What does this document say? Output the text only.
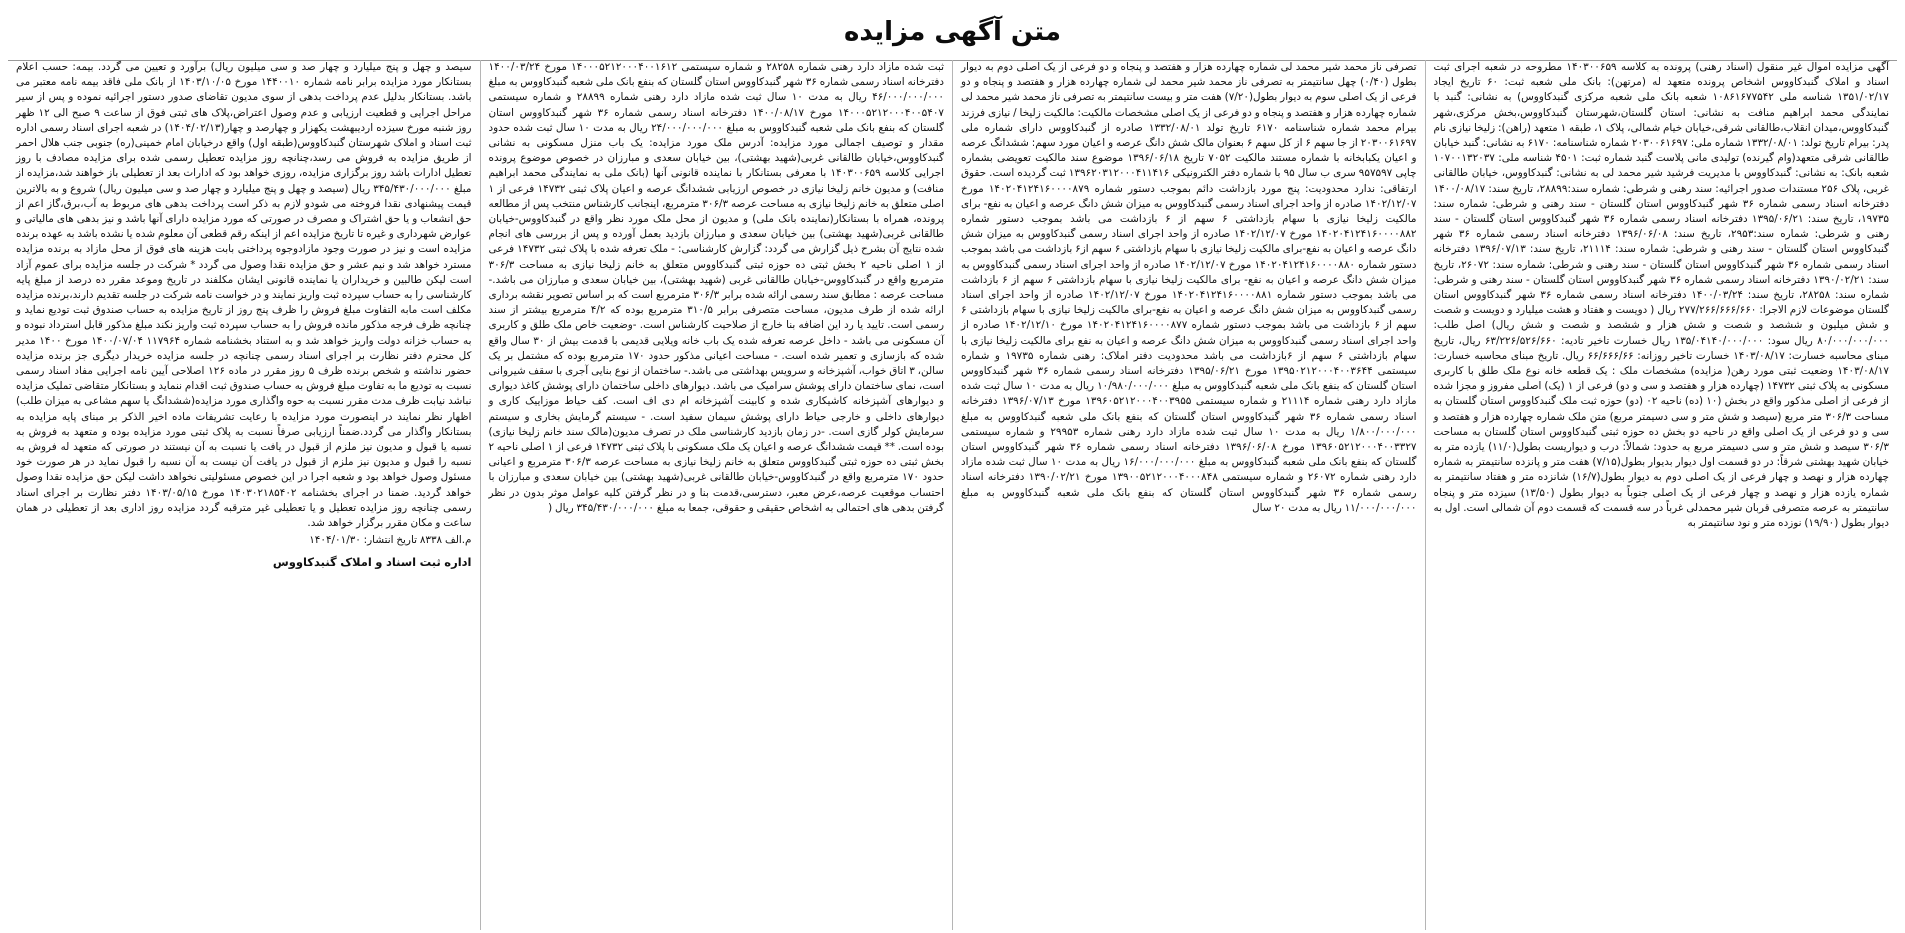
متن آگهی مزایده

آگهی مزایده اموال غیر منقول (اسناد رهنی) پرونده به کلاسه ۱۴۰۳۰۰۶۵۹ مطروحه در شعبه اجرای ثبت اسناد و املاک گنبدکاووس اشخاص پرونده متعهد له (مرتهن): بانک ملی شعبه ثبت: ۶۰ تاریخ ایجاد ۱۳۵۱/۰۲/۱۷ شناسه ملی ۱۰۸۶۱۶۷۷۵۴۲ شعبه بانک ملی شعبه مرکزی گنبدکاووس) به نشانی: گنبد با نمایندگی محمد ابراهیم منافت به نشانی: استان گلستان،شهرستان گنبدکاووس،بخش مرکزی،شهر گنبدکاووس،میدان انقلاب،طالقانی شرقی،خیابان خیام شمالی، پلاک ۱، طبقه ۱ متعهد (راهن): زلیخا نیازی نام پدر: بیرام تاریخ تولد: ۱۳۳۲/۰۸/۰۱ شماره ملی: ۲۰۳۰۰۶۱۶۹۷ شماره شناسنامه: ۶۱۷۰ به نشانی: گنبد خیابان طالقانی شرقی متعهد(وام گیرنده) تولیدی مانی پلاست گنبد شماره ثبت: ۴۵۰۱ شناسه ملی: ۱۰۷۰۰۱۳۲۰۳۷ شعبه بانک: به نشانی: گنبدکاووس با مدیریت فرشید شیر محمد لی به نشانی: گنبدکاووس، خیابان طالقانی غربی، پلاک ۲۵۶ مستندات صدور اجرائیه: سند رهنی و شرطی: شماره سند:۲۸۸۹۹، تاریخ سند: ۱۴۰۰/۰۸/۱۷ دفترخانه اسناد رسمی شماره ۳۶ شهر گنبدکاووس استان گلستان - سند رهنی و شرطی: شماره سند: ۱۹۷۳۵، تاریخ سند: ۱۳۹۵/۰۶/۲۱ دفترخانه اسناد رسمی شماره ۳۶ شهر گنبدکاووس استان گلستان - سند رهنی و شرطی: شماره سند:۲۹۵۳، تاریخ سند: ۱۳۹۶/۰۶/۰۸ دفترخانه اسناد رسمی شماره ۳۶ شهر گنبدکاووس استان گلستان - سند رهنی و شرطی: شماره سند: ۲۱۱۱۴، تاریخ سند: ۱۳۹۶/۰۷/۱۳ دفترخانه اسناد رسمی شماره ۳۶ شهر گنبدکاووس استان گلستان - سند رهنی و شرطی: شماره سند: ۲۶۰۷۲، تاریخ سند: ۱۳۹۰/۰۲/۲۱ دفترخانه اسناد رسمی شماره ۳۶ شهر گنبدکاووس استان گلستان - سند رهنی و شرطی: شماره سند: ۲۸۲۵۸، تاریخ سند: ۱۴۰۰/۰۳/۲۴ دفترخانه اسناد رسمی شماره ۳۶ شهر گنبدکاووس استان گلستان موضوعات لازم الاجرا: ۲۷۷/۲۶۶/۶۶۶/۶۶۰ ریال ( دویست و هفتاد و هشت میلیارد و دویست و شصت و شش میلیون و ششصد و شصت و شش هزار و ششصد و شصت و شش ریال) اصل طلب: ۸۰/۰۰۰/۰۰۰/۰۰۰ ریال سود: ۱۳۵/۰۴۱۴۰/۰۰۰/۰۰۰ ریال خسارت تاخیر تادیه: ۶۳/۲۲۶/۵۲۶/۶۶۰ ریال، تاریخ مبنای محاسبه خسارت: ۱۴۰۳/۰۸/۱۷ خسارت تاخیر روزانه: ۶۶/۶۶۶/۶۶ ریال. تاریخ مبنای محاسبه خسارت: ۱۴۰۳/۰۸/۱۷ وضعیت ثبتی مورد رهن( مزایده) مشخصات ملک : یک قطعه خانه نوع ملک طلق با کاربری مسکونی به پلاک ثبتی ۱۴۷۳۲ (چهارده هزار و هفتصد و سی و دو) فرعی از ۱ (یک) اصلی مفروز و مجزا شده از فرعی از اصلی مذکور واقع در بخش (۱۰ (ده) ناحیه ۰۲ (دو) حوزه ثبت ملک گنبدکاووس استان گلستان به مساحت ۳۰۶/۳ متر مربع (سیصد و شش متر و سی دسیمتر مربع) متن ملک شماره چهارده هزار و هفتصد و سی و دو فرعی از یک اصلی واقع در ناحیه دو بخش ده حوزه ثبتی گنبدکاووس استان گلستان به مساحت ۳۰۶/۳ سیصد و شش متر و سی دسیمتر مربع به حدود: شمالاً: درب و دیواریست بطول(۱۱/۰) یازده متر به خیابان شهید بهشتی شرقاً: در دو قسمت اول دیوار بدیوار بطول(۷/۱۵) هفت متر و پانزده سانتیمتر به شماره چهارده هزار و نهصد و چهار فرعی از یک اصلی دوم به دیوار بطول(۱۶/۷) شانزده متر و هفتاد سانتیمتر به شماره یازده هزار و نهصد و چهار فرعی از یک اصلی جنوباً به دیوار بطول (۱۳/۵۰) سیزده متر و پنجاه سانتیمتر به عرصه متصرفی قربان شیر محمدلی غرباً در سه قسمت که قسمت دوم آن شمالی است. اول به دیوار بطول (۱۹/۹۰) نوزده متر و نود سانتیمتر به

تصرفی ناز محمد شیر محمد لی شماره چهارده هزار و هفتصد و پنجاه و دو فرعی از یک اصلی دوم به دیوار بطول (۰/۴۰) چهل سانتیمتر به تصرفی ناز محمد شیر محمد لی شماره چهارده هزار و هفتصد و پنجاه و دو فرعی از یک اصلی سوم به دیوار بطول(۷/۲۰) هفت متر و بیست سانتیمتر به تصرفی ناز محمد شیر محمد لی شماره چهارده هزار و هفتصد و پنجاه و دو فرعی از یک اصلی مشخصات مالکیت: مالکیت زلیخا / نیازی فرزند بیرام محمد شماره شناسنامه ۶۱۷۰ تاریخ تولد ۱۳۳۲/۰۸/۰۱ صادره از گنبدکاووس دارای شماره ملی ۲۰۳۰۰۶۱۶۹۷ از جا سهم ۶ از کل سهم ۶ بعنوان مالک شش دانگ عرصه و اعیان مورد سهم: ششدانگ عرصه و اعیان یکبابخانه با شماره مستند مالکیت ۷۰۵۲ تاریخ ۱۳۹۶/۰۶/۱۸ موضوع سند مالکیت تعویضی بشماره چاپی ۹۵۷۵۹۷ سری ب سال ۹۵ با شماره دفتر الکترونیکی ۱۳۹۶۲۰۳۱۲۰۰۰۴۱۱۴۱۶ ثبت گردیده است. حقوق ارتفاقی: ندارد محدودیت: پنج مورد بازداشت دائم بموجب دستور شماره ۱۴۰۲۰۴۱۲۴۱۶۰۰۰۰۸۷۹ مورخ ۱۴۰۲/۱۲/۰۷ صادره از واحد اجرای اسناد رسمی گنبدکاووس به میزان شش دانگ عرصه و اعیان به نفع- برای مالکیت زلیخا نیازی با سهام بازداشتی ۶ سهم از ۶ بازداشت می باشد بموجب دستور شماره ۱۴۰۲۰۴۱۲۴۱۶۰۰۰۰۸۸۲ مورخ ۱۴۰۲/۱۲/۰۷ صادره از واحد اجرای اسناد رسمی گنبدکاووس به میزان شش دانگ عرصه و اعیان به نفع-برای مالکیت زلیخا نیازی با سهام بازداشتی ۶ سهم از۶ بازداشت می باشد بموجب دستور شماره ۱۴۰۲۰۴۱۲۴۱۶۰۰۰۰۸۸۰ مورخ ۱۴۰۲/۱۲/۰۷ صادره از واحد اجرای اسناد رسمی گنبدکاووس به میزان شش دانگ عرصه و اعیان به نفع- برای مالکیت زلیخا نیازی با سهام بازداشتی ۶ سهم از ۶ بازداشت می باشد بموجب دستور شماره ۱۴۰۲۰۴۱۲۴۱۶۰۰۰۰۸۸۱ مورخ ۱۴۰۲/۱۲/۰۷ صادره از واحد اجرای اسناد رسمی گنبدکاووس به میزان شش دانگ عرصه و اعیان به نفع-برای مالکیت زلیخا نیازی با سهام بازداشتی ۶ سهم از ۶ بازداشت می باشد بموجب دستور شماره ۱۴۰۲۰۴۱۲۴۱۶۰۰۰۰۸۷۷ مورخ ۱۴۰۲/۱۲/۱۰ صادره از واحد اجرای اسناد رسمی گنبدکاووس به میزان شش دانگ عرصه و اعیان به نفع برای مالکیت زلیخا نیازی با سهام بازداشتی ۶ سهم از ۶بازداشت می باشد محدودیت دفتر املاک: رهنی شماره ۱۹۷۳۵ و شماره سیستمی ۱۳۹۵۰۲۱۲۰۰۰۴۰۰۳۶۴۴ مورخ ۱۳۹۵/۰۶/۲۱ دفترخانه اسناد رسمی شماره ۳۶ شهر گنبدکاووس استان گلستان که بنفع بانک ملی شعبه گنبدکاووس به مبلغ ۱۰/۹۸۰/۰۰۰/۰۰۰ ریال به مدت ۱۰ سال ثبت شده مازاد دارد رهنی شماره ۲۱۱۱۴ و شماره سیستمی ۱۳۹۶۰۵۲۱۲۰۰۰۴۰۰۳۹۵۵ مورخ ۱۳۹۶/۰۷/۱۳ دفترخانه اسناد رسمی شماره ۳۶ شهر گنبدکاووس استان گلستان که بنفع بانک ملی شعبه گنبدکاووس به مبلغ ۱/۸۰۰/۰۰۰/۰۰۰ ریال به مدت ۱۰ سال ثبت شده مازاد دارد رهنی شماره ۲۹۹۵۳ و شماره سیستمی ۱۳۹۶۰۵۲۱۲۰۰۰۴۰۰۳۳۲۷ مورخ ۱۳۹۶/۰۶/۰۸ دفترخانه اسناد رسمی شماره ۳۶ شهر گنبدکاووس استان گلستان که بنفع بانک ملی شعبه گنبدکاووس به مبلغ ۱۶/۰۰۰/۰۰۰/۰۰۰ ریال به مدت ۱۰ سال ثبت شده مازاد دارد رهنی شماره ۲۶۰۷۲ و شماره سیستمی ۱۳۹۰۰۵۲۱۲۰۰۰۴۰۰۰۸۴۸ مورخ ۱۳۹۰/۰۲/۲۱ دفترخانه اسناد رسمی شماره ۳۶ شهر گنبدکاووس استان گلستان که بنفع بانک ملی شعبه گنبدکاووس به مبلغ ۱۱/۰۰۰/۰۰۰/۰۰۰ ریال به مدت ۲۰ سال

ثبت شده مازاد دارد رهنی شماره ۲۸۲۵۸ و شماره سیستمی ۱۴۰۰۰۵۲۱۲۰۰۰۴۰۰۱۶۱۲ مورخ ۱۴۰۰/۰۳/۲۴ دفترخانه اسناد رسمی شماره ۳۶ شهر گنبدکاووس استان گلستان که بنفع بانک ملی شعبه گنبدکاووس به مبلغ ۴۶/۰۰۰/۰۰۰/۰۰۰ ریال به مدت ۱۰ سال ثبت شده مازاد دارد رهنی شماره ۲۸۸۹۹ و شماره سیستمی ۱۴۰۰۰۵۲۱۲۰۰۰۴۰۰۵۴۰۷ مورخ ۱۴۰۰/۰۸/۱۷ دفترخانه اسناد رسمی شماره ۳۶ شهر گنبدکاووس استان گلستان که بنفع بانک ملی شعبه گنبدکاووس به مبلغ ۲۴/۰۰۰/۰۰۰/۰۰۰ ریال به مدت ۱۰ سال ثبت شده حدود مقدار و توصیف اجمالی مورد مزایده: آدرس ملک مورد مزایده: یک باب منزل مسکونی به نشانی گنبدکاووس،خیابان طالقانی غربی(شهید بهشتی)، بین خیابان سعدی و مبارزان در خصوص موضوع پرونده اجرایی کلاسه ۱۴۰۳۰۰۶۵۹ با معرفی بستانکار با نماینده قانونی آنها (بانک ملی به نمایندگی محمد ابراهیم منافت) و مدیون خانم زلیخا نیازی در خصوص ارزیابی ششدانگ عرصه و اعیان پلاک ثبتی ۱۴۷۳۲ فرعی از ۱ اصلی متعلق به خانم زلیخا نیازی به مساحت عرصه ۳۰۶/۳ مترمربع، اینجانب کارشناس منتخب پس از مطالعه پرونده، همراه با بستانکار(نماینده بانک ملی) و مدیون از محل ملک مورد نظر واقع در گنبدکاووس-خیابان طالقانی غربی(شهید بهشتی) بین خیابان سعدی و مبارزان بازدید بعمل آورده و پس از بررسی های انجام شده نتایج آن بشرح ذیل گزارش می گردد: گزارش کارشناسی: - ملک تعرفه شده با پلاک ثبتی ۱۴۷۳۲ فرعی از ۱ اصلی ناحیه ۲ بخش ثبتی ده حوزه ثبتی گنبدکاووس متعلق به خانم زلیخا نیازی به مساحت ۳۰۶/۳ مترمربع واقع در گنبدکاووس-خیابان طالقانی غربی (شهید بهشتی)، بین خیابان سعدی و مبارزان می باشد.- مساحت عرصه : مطابق سند رسمی ارائه شده برابر ۳۰۶/۳ مترمربع است که بر اساس تصویر نقشه برداری ارائه شده از طرف مدیون، مساحت متصرفی برابر ۳۱۰/۵ مترمربع بوده که ۴/۲ مترمربع بیشتر از سند رسمی است. تایید یا رد این اضافه بنا خارج از صلاحیت کارشناس است. -وضعیت خاص ملک طلق و کاربری آن مسکونی می باشد - داخل عرصه تعرفه شده یک باب خانه ویلایی قدیمی با قدمت بیش از ۳۰ سال واقع شده که بازسازی و تعمیر شده است. - مساحت اعیانی مذکور حدود ۱۷۰ مترمربع بوده که مشتمل بر یک سالن، ۳ اتاق خواب، آشپزخانه و سرویس بهداشتی می باشد.- ساختمان از نوع بنایی آجری با سقف شیروانی است، نمای ساختمان دارای پوشش سرامیک می باشد. دیوارهای داخلی ساختمان دارای پوشش کاغذ دیواری و دیوارهای آشپزخانه کاشیکاری شده و کابینت آشپزخانه ام دی اف است. کف حیاط موزاییک کاری و دیوارهای داخلی و خارجی حیاط دارای پوشش سیمان سفید است. - سیستم گرمایش بخاری و سیستم سرمایش کولر گازی است. -در زمان بازدید کارشناسی ملک در تصرف مدیون(مالک سند خانم زلیخا نیازی) بوده است. ** قیمت ششدانگ عرصه و اعیان یک ملک مسکونی با پلاک ثبتی ۱۴۷۳۲ فرعی از ۱ اصلی ناحیه ۲ بخش ثبتی ده حوزه ثبتی گنبدکاووس متعلق به خانم زلیخا نیازی به مساحت عرصه ۳۰۶/۳ مترمربع و اعیانی حدود ۱۷۰ مترمربع واقع در گنبدکاووس-خیابان طالقانی غربی(شهید بهشتی) بین خیابان سعدی و مبارزان با احتساب موقعیت عرصه،عرض معبر، دسترسی،قدمت بنا و در نظر گرفتن کلیه عوامل موثر بدون در نظر گرفتن بدهی های احتمالی به اشخاص حقیقی و حقوقی، جمعا به مبلغ ۳۴۵/۴۳۰/۰۰۰/۰۰۰ ریال (

سیصد و چهل و پنج میلیارد و چهار صد و سی میلیون ریال) برآورد و تعیین می گردد. بیمه: حسب اعلام بستانکار مورد مزایده برابر نامه شماره ۱۴۴۰۰۱۰ مورخ ۱۴۰۳/۱۰/۰۵ از بانک ملی فاقد بیمه نامه معتبر می باشد. بستانکار بدلیل عدم پرداخت بدهی از سوی مدیون تقاضای صدور دستور اجرائیه نموده و پس از سیر مراحل اجرایی و قطعیت ارزیابی و عدم وصول اعتراض،پلاک های ثبتی فوق از ساعت ۹ صبح الی ۱۲ ظهر روز شنبه مورخ سیزده اردیبهشت یکهزار و چهارصد و چهار(۱۴۰۴/۰۲/۱۳) در شعبه اجرای اسناد رسمی اداره ثبت اسناد و املاک شهرستان گنبدکاووس(طبقه اول) واقع درخیابان امام خمینی(ره) جنوبی جنب هلال احمر از طریق مزایده به فروش می رسد،چنانچه روز مزایده تعطیل رسمی شده برای مزایده مصادف با روز تعطیل ادارات باشد روز برگزاری مزایده، روزی خواهد بود که ادارات بعد از تعطیلی باز خواهند شد،مزایده از مبلغ ۳۴۵/۴۳۰/۰۰۰/۰۰۰ ریال (سیصد و چهل و پنج میلیارد و چهار صد و سی میلیون ریال) شروع و به بالاترین قیمت پیشنهادی نقدا فروخته می شودو لازم به ذکر است پرداخت بدهی های مربوط به آب،برق،گاز اعم از حق انشعاب و یا حق اشتراک و مصرف در صورتی که مورد مزایده دارای آنها باشد و نیز بدهی های مالیاتی و عوارض شهرداری و غیره تا تاریخ مزایده اعم از اینکه رقم قطعی آن معلوم شده یا نشده باشد به عهده برنده مزایده است و نیز در صورت وجود مازادوجوه پرداختی بابت هزینه های فوق از محل مازاد به برنده مزایده مسترد خواهد شد و نیم عشر و حق مزایده نقدا وصول می گردد * شرکت در جلسه مزایده برای عموم آزاد است لیکن طالبین و خریداران یا نماینده قانونی ایشان مکلفند در تاریخ وموعد مقرر ده درصد از مبلغ پایه کارشناسی را به حساب سپرده ثبت واریز نمایند و در خواست نامه شرکت در جلسه تقدیم دارند،برنده مزایده مکلف است مابه التفاوت مبلغ فروش را ظرف پنج روز از تاریخ مزایده به حساب صندوق ثبت تودیع نماید و چنانچه ظرف فرجه مذکور مانده فروش را به حساب سپرده ثبت واریز نکند مبلغ مذکور قابل استرداد نبوده و به حساب خزانه دولت واریز خواهد شد و به استناد بخشنامه شماره ۱۱۷۹۶۴ ۱۴۰۰/۰۷/۰۴ مورخ ۱۴۰۰ مدیر کل محترم دفتر نظارت بر اجرای اسناد رسمی چنانچه در جلسه مزایده خریدار دیگری جز برنده مزایده حضور نداشته و شخص برنده ظرف ۵ روز مقرر در ماده ۱۲۶ اصلاحی آیین نامه اجرایی مفاد اسناد رسمی نسبت به تودیع ما به تفاوت مبلغ فروش به حساب صندوق ثبت اقدام ننماید و بستانکار متقاضی تملیک مزایده نباشد نیابت ظرف مدت مقرر نسبت به حوه واگذاری مورد مزایده(ششدانگ یا سهم مشاعی به میزان طلب) اظهار نظر نمایند در اینصورت مورد مزایده با رعایت تشریفات ماده اخیر الذکر بر مبنای پایه مزایده به بستانکار واگذار می گردد.ضمناً ارزیابی صرفاً نسبت به پلاک ثبتی مورد مزایده بوده و متعهد به فروش به نسبه یا قبول و مدیون نیز ملزم از قبول در یافت یا نسبت به آن نیستند در صورتی که متعهد له فروش به نسبه را قبول و مدیون نیز ملزم از قبول در یافت آن نیست به آن نسبه را قبول نماید در هر صورت خود مسئول وصول خواهد بود و شعبه اجرا در این خصوص مسئولیتی نخواهد داشت لیکن حق مزایده نقدا وصول خواهد گردید. ضمنا در اجرای بخشنامه ۱۴۰۳۰۲۱۸۵۴۰۲ مورخ ۱۴۰۳/۰۵/۱۵ دفتر نظارت بر اجرای اسناد رسمی چنانچه روز مزایده تعطیل و یا تعطیلی غیر مترقبه گردد مزایده روز اداری بعد از تعطیلی در همان ساعت و مکان مقرر برگزار خواهد شد.

م.الف ۸۳۳۸ تاریخ انتشار: ۱۴۰۴/۰۱/۳۰
اداره ثبت اسناد و املاک گنبدکاووس
